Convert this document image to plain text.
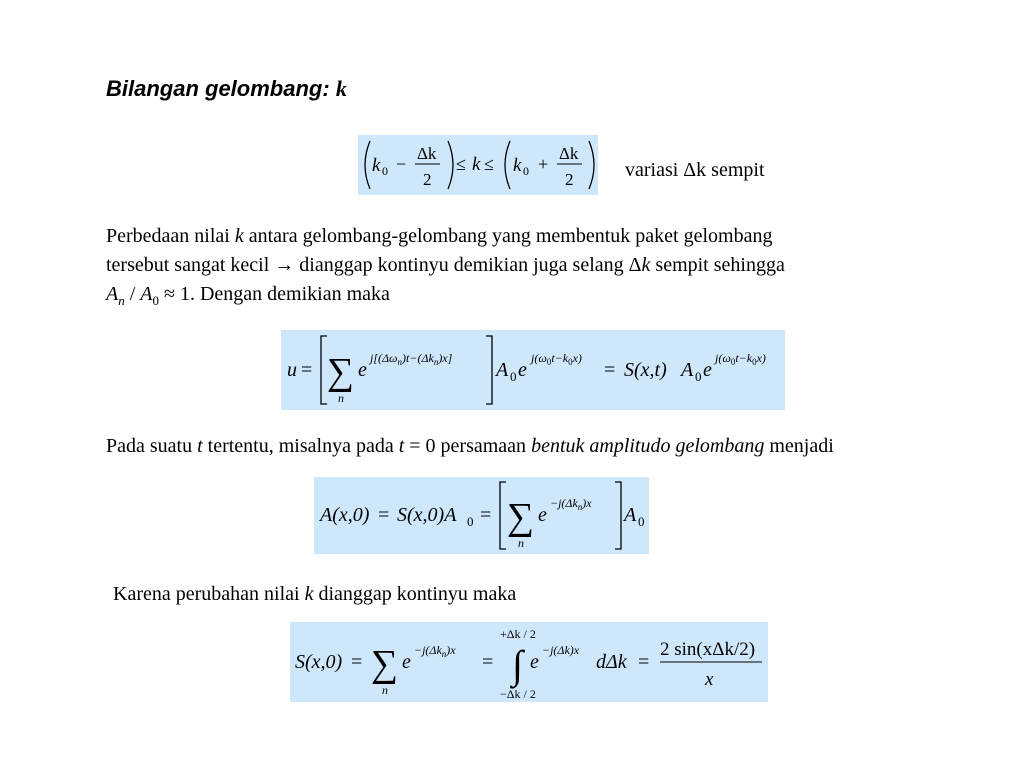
Bilangan gelombang: k
k 0 −
Δk
2
≤ k ≤ k 0 +
Δk
2	variasi Δk sempit
Perbedaan nilai k antara gelombang-gelombang yang membentuk paket gelombang
tersebut sangat kecil → dianggap kontinyu demikian juga selang Δk sempit sehingga
$A_n / A_0 \approx 1$. Dengan demikian maka
u = ∑
n
e
$j[(\Delta\omega_n)t-(\Delta k_n)x]$
A 0 e
$j(\omega_0t-k_0x)$
= S(x,t) A 0 e
$j(\omega_0t-k_0x)$
Pada suatu t tertentu, misalnya pada t = 0 persamaan bentuk amplitudo gelombang menjadi
A(x,0) = S(x,0)A 0 = ∑
n
e
$-j(\Delta k_n)x$
A 0
Karena perubahan nilai k dianggap kontinyu maka
S(x,0) = ∑
n
e
$-j(\Delta k_n)x$
=
+Δk / 2
∫
−Δk / 2
e
−j(Δk)x
dΔk =
2 sin(xΔk/2)
x
